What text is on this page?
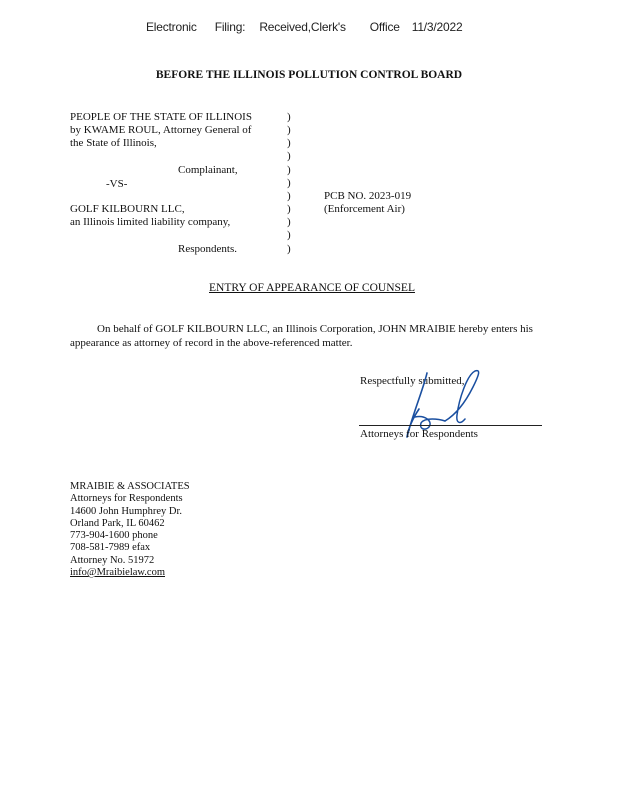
Electronic Filing: Received,Clerk's Office 11/3/2022
BEFORE THE ILLINOIS POLLUTION CONTROL BOARD
PEOPLE OF THE STATE OF ILLINOIS
by KWAME ROUL, Attorney General of
the State of Illinois,
Complainant,
-VS-
GOLF KILBOURN LLC,
an Illinois limited liability company,
Respondents.
)
)
)
)
)
)
)
)
)
)
)
PCB NO. 2023-019
(Enforcement Air)
ENTRY OF APPEARANCE OF COUNSEL
On behalf of GOLF KILBOURN LLC, an Illinois Corporation, JOHN MRAIBIE hereby enters his appearance as attorney of record in the above-referenced matter.
Respectfully submitted,
Attorneys for Respondents
MRAIBIE & ASSOCIATES
Attorneys for Respondents
14600 John Humphrey Dr.
Orland Park, IL 60462
773-904-1600 phone
708-581-7989 efax
Attorney No. 51972
info@Mraibielaw.com
